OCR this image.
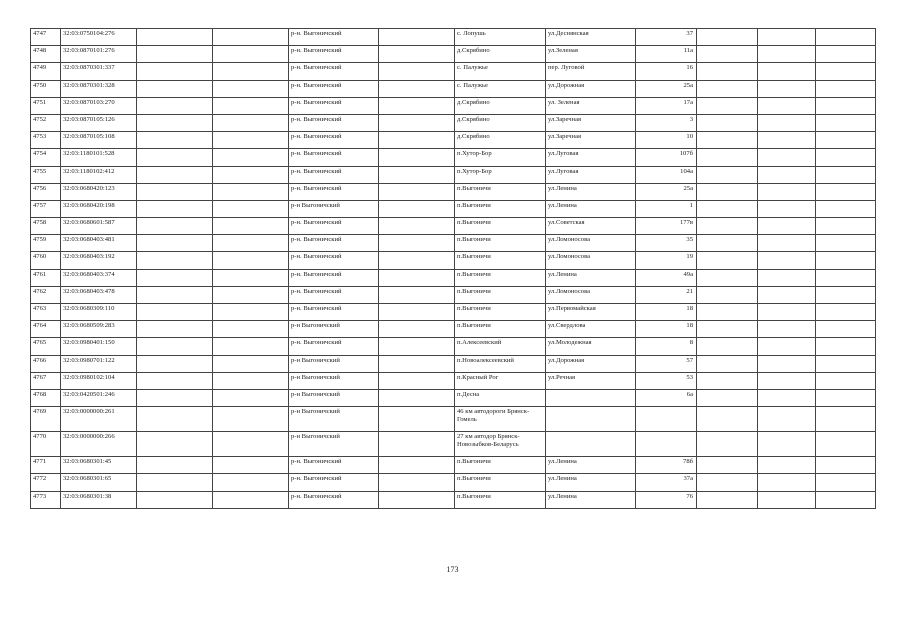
4747	32:03:0750104:276			р-н. Выгоничский		с. Лопушь	ул.Деснянская	37			
4748	32:03:0870101:276			р-н. Выгоничский		д.Скрябино	ул.Зеленая	11а			
4749	32:03:0870301:337			р-н. Выгоничский		с. Палужье	пер. Луговой	16			
4750	32:03:0870301:328			р-н. Выгоничский		с. Палужье	ул.Дорожная	25а			
4751	32:03:0870103:270			р-н. Выгоничский		д.Скрябино	ул. Зеленая	17а			
4752	32:03:0870105:126			р-н. Выгоничский		д.Скрябино	ул.Заречная	3			
4753	32:03:0870105:108			р-н. Выгоничский		д.Скрябино	ул.Заречная	10			
4754	32:03:1180101:528			р-н. Выгоничский		п.Хутор-Бор	ул.Луговая	107б			
4755	32:03:1180102:412			р-н. Выгоничский		п.Хутор-Бор	ул.Луговая	104а			
4756	32:03:0680420:123			р-н. Выгоничский		п.Выгоничи	ул.Ленина	25а			
4757	32:03:0680420:198			р-н Выгоничский		п.Выгоничи	ул.Ленина	1			
4758	32:03:0680601:587			р-н. Выгоничский		п.Выгоничи	ул.Советская	177в			
4759	32:03:0680403:481			р-н. Выгоничский		п.Выгоничи	ул.Ломоносова	35			
4760	32:03:0680403:192			р-н. Выгоничский		п.Выгоничи	ул.Ломоносова	19			
4761	32:03:0680403:374			р-н. Выгоничский		п.Выгоничи	ул.Ленина	49а			
4762	32:03:0680403:478			р-н. Выгоничский		п.Выгоничи	ул.Ломоносова	21			
4763	32:03:0680309:110			р-н. Выгоничский		п.Выгоничи	ул.Первомайская	18			
4764	32:03:0680509:283			р-н Выгоничский		п.Выгоничи	ул.Свердлова	18			
4765	32:03:0980401:150			р-н. Выгоничский		п.Алексеевский	ул.Молодежная	8			
4766	32:03:0980701:122			р-н Выгоничский		п.Новоалексеевский	ул.Дорожная	57			
4767	32:03:0980102:104			р-н Выгоничский		п.Красный Рог	ул.Речная	53			
4768	32:03:0420501:246			р-н Выгоничский		п.Десна		6а			
4769	32:03:0000000:261			р-н Выгоничский		46 км автодороги Брянск-Гомель					
4770	32:03:0000000:266			р-н Выгоничский		27 км автодор Брянск-Новозыбков-Беларусь					
4771	32:03:0680301:45			р-н. Выгоничский		п.Выгоничи	ул.Ленина	78б			
4772	32:03:0680301:65			р-н. Выгоничский		п.Выгоничи	ул.Ленина	37а			
4773	32:03:0680301:38			р-н. Выгоничский		п.Выгоничи	ул.Ленина	76			
173
